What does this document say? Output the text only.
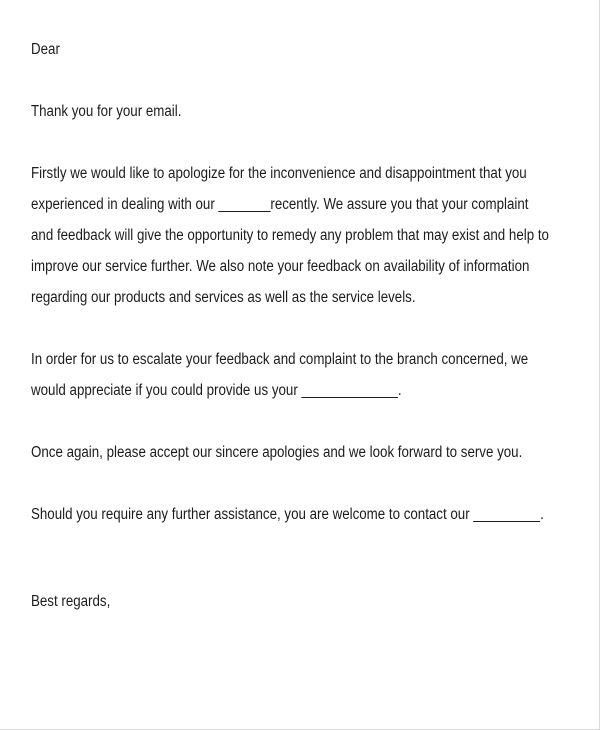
Dear
Thank you for your email.
Firstly we would like to apologize for the inconvenience and disappointment that you
experienced in dealing with our _______recently. We assure you that your complaint
and feedback will give the opportunity to remedy any problem that may exist and help to
improve our service further. We also note your feedback on availability of information
regarding our products and services as well as the service levels.
In order for us to escalate your feedback and complaint to the branch concerned, we
would appreciate if you could provide us your _____________.
Once again, please accept our sincere apologies and we look forward to serve you.
Should you require any further assistance, you are welcome to contact our _________.
Best regards,
